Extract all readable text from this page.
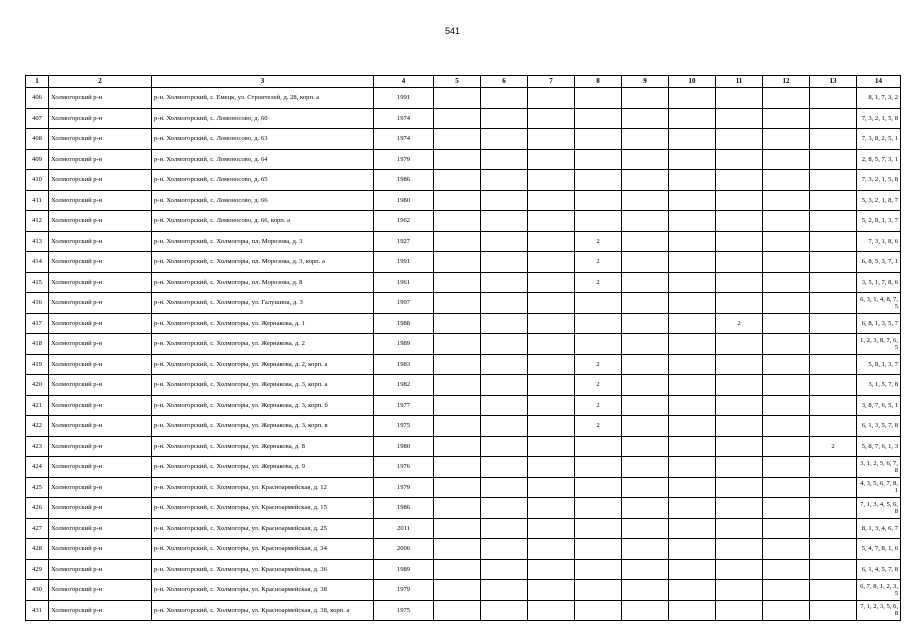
541
1	2	3	4	5	6	7	8	9	10	11	12	13	14
406	Холмогорский р-н	р-н. Холмогорский, с. Емецк, ул. Строителей, д. 28, корп. а	1991										8, 1, 7, 3, 2
407	Холмогорский р-н	р-н. Холмогорский, с. Ломоносово, д. 60	1974										7, 3, 2, 1, 5, 8
408	Холмогорский р-н	р-н. Холмогорский, с. Ломоносово, д. 63	1974										7, 3, 8, 2, 5, 1
409	Холмогорский р-н	р-н. Холмогорский, с. Ломоносово, д. 64	1979										2, 8, 5, 7, 3, 1
410	Холмогорский р-н	р-н. Холмогорский, с. Ломоносово, д. 65	1986										7, 3, 2, 1, 5, 8
411	Холмогорский р-н	р-н. Холмогорский, с. Ломоносово, д. 66	1980										5, 3, 2, 1, 8, 7
412	Холмогорский р-н	р-н. Холмогорский, с. Ломоносово, д. 66, корп. а	1962										5, 2, 8, 1, 3, 7
413	Холмогорский р-н	р-н. Холмогорский, с. Холмогоры, пл. Морозова, д. 3	1927				2						7, 3, 1, 8, 6
414	Холмогорский р-н	р-н. Холмогорский, с. Холмогоры, пл. Морозова, д. 3, корп. а	1991				2						6, 8, 5, 3, 7, 1
415	Холмогорский р-н	р-н. Холмогорский, с. Холмогоры, пл. Морозова, д. 8	1961				2						3, 5, 1, 7, 8, 6
416	Холмогорский р-н	р-н. Холмогорский, с. Холмогоры, ул. Галушина, д. 3	1997										6, 3, 1, 4, 8, 7, 5
417	Холмогорский р-н	р-н. Холмогорский, с. Холмогоры, ул. Жернакова, д. 1	1988							2			6, 8, 1, 3, 5, 7
418	Холмогорский р-н	р-н. Холмогорский, с. Холмогоры, ул. Жернакова, д. 2	1989										1, 2, 3, 8, 7, 6, 5
419	Холмогорский р-н	р-н. Холмогорский, с. Холмогоры, ул. Жернакова, д. 2, корп. а	1983				2						5, 8, 1, 3, 7
420	Холмогорский р-н	р-н. Холмогорский, с. Холмогоры, ул. Жернакова, д. 3, корп. а	1982				2						3, 1, 5, 7, 8
421	Холмогорский р-н	р-н. Холмогорский, с. Холмогоры, ул. Жернакова, д. 3, корп. б	1977				2						3, 8, 7, 6, 5, 1
422	Холмогорский р-н	р-н. Холмогорский, с. Холмогоры, ул. Жернакова, д. 3, корп. в	1975				2						6, 1, 3, 5, 7, 8
423	Холмогорский р-н	р-н. Холмогорский, с. Холмогоры, ул. Жернакова, д. 8	1980									2	5, 8, 7, 6, 1, 3
424	Холмогорский р-н	р-н. Холмогорский, с. Холмогоры, ул. Жернакова, д. 9	1976										3, 1, 2, 5, 6, 7, 8
425	Холмогорский р-н	р-н. Холмогорский, с. Холмогоры, ул. Красноармейская, д. 12	1979										4, 3, 5, 6, 7, 8, 1
426	Холмогорский р-н	р-н. Холмогорский, с. Холмогоры, ул. Красноармейская, д. 15	1986										7, 1, 3, 4, 5, 6, 8
427	Холмогорский р-н	р-н. Холмогорский, с. Холмогоры, ул. Красноармейская, д. 25	2011										8, 1, 3, 4, 6, 7
428	Холмогорский р-н	р-н. Холмогорский, с. Холмогоры, ул. Красноармейская, д. 34	2006										5, 4, 7, 8, 1, 6
429	Холмогорский р-н	р-н. Холмогорский, с. Холмогоры, ул. Красноармейская, д. 36	1989										6, 1, 4, 5, 7, 8
430	Холмогорский р-н	р-н. Холмогорский, с. Холмогоры, ул. Красноармейская, д. 38	1979										6, 7, 8, 1, 2, 3, 5
431	Холмогорский р-н	р-н. Холмогорский, с. Холмогоры, ул. Красноармейская, д. 38, корп. а	1975										7, 1, 2, 3, 5, 6, 8
